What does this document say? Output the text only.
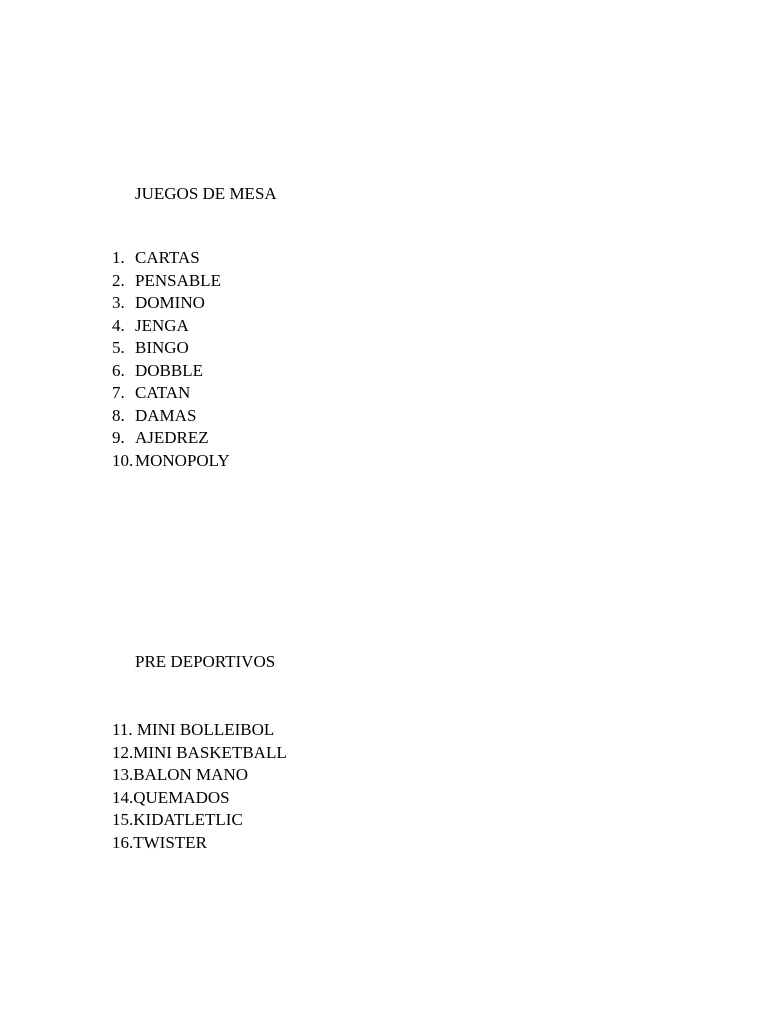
JUEGOS DE MESA
1. CARTAS
2. PENSABLE
3. DOMINO
4. JENGA
5. BINGO
6. DOBBLE
7. CATAN
8. DAMAS
9. AJEDREZ
10. MONOPOLY
PRE DEPORTIVOS
11. MINI BOLLEIBOL
12. MINI BASKETBALL
13. BALON MANO
14. QUEMADOS
15. KIDATLETLIC
16. TWISTER
